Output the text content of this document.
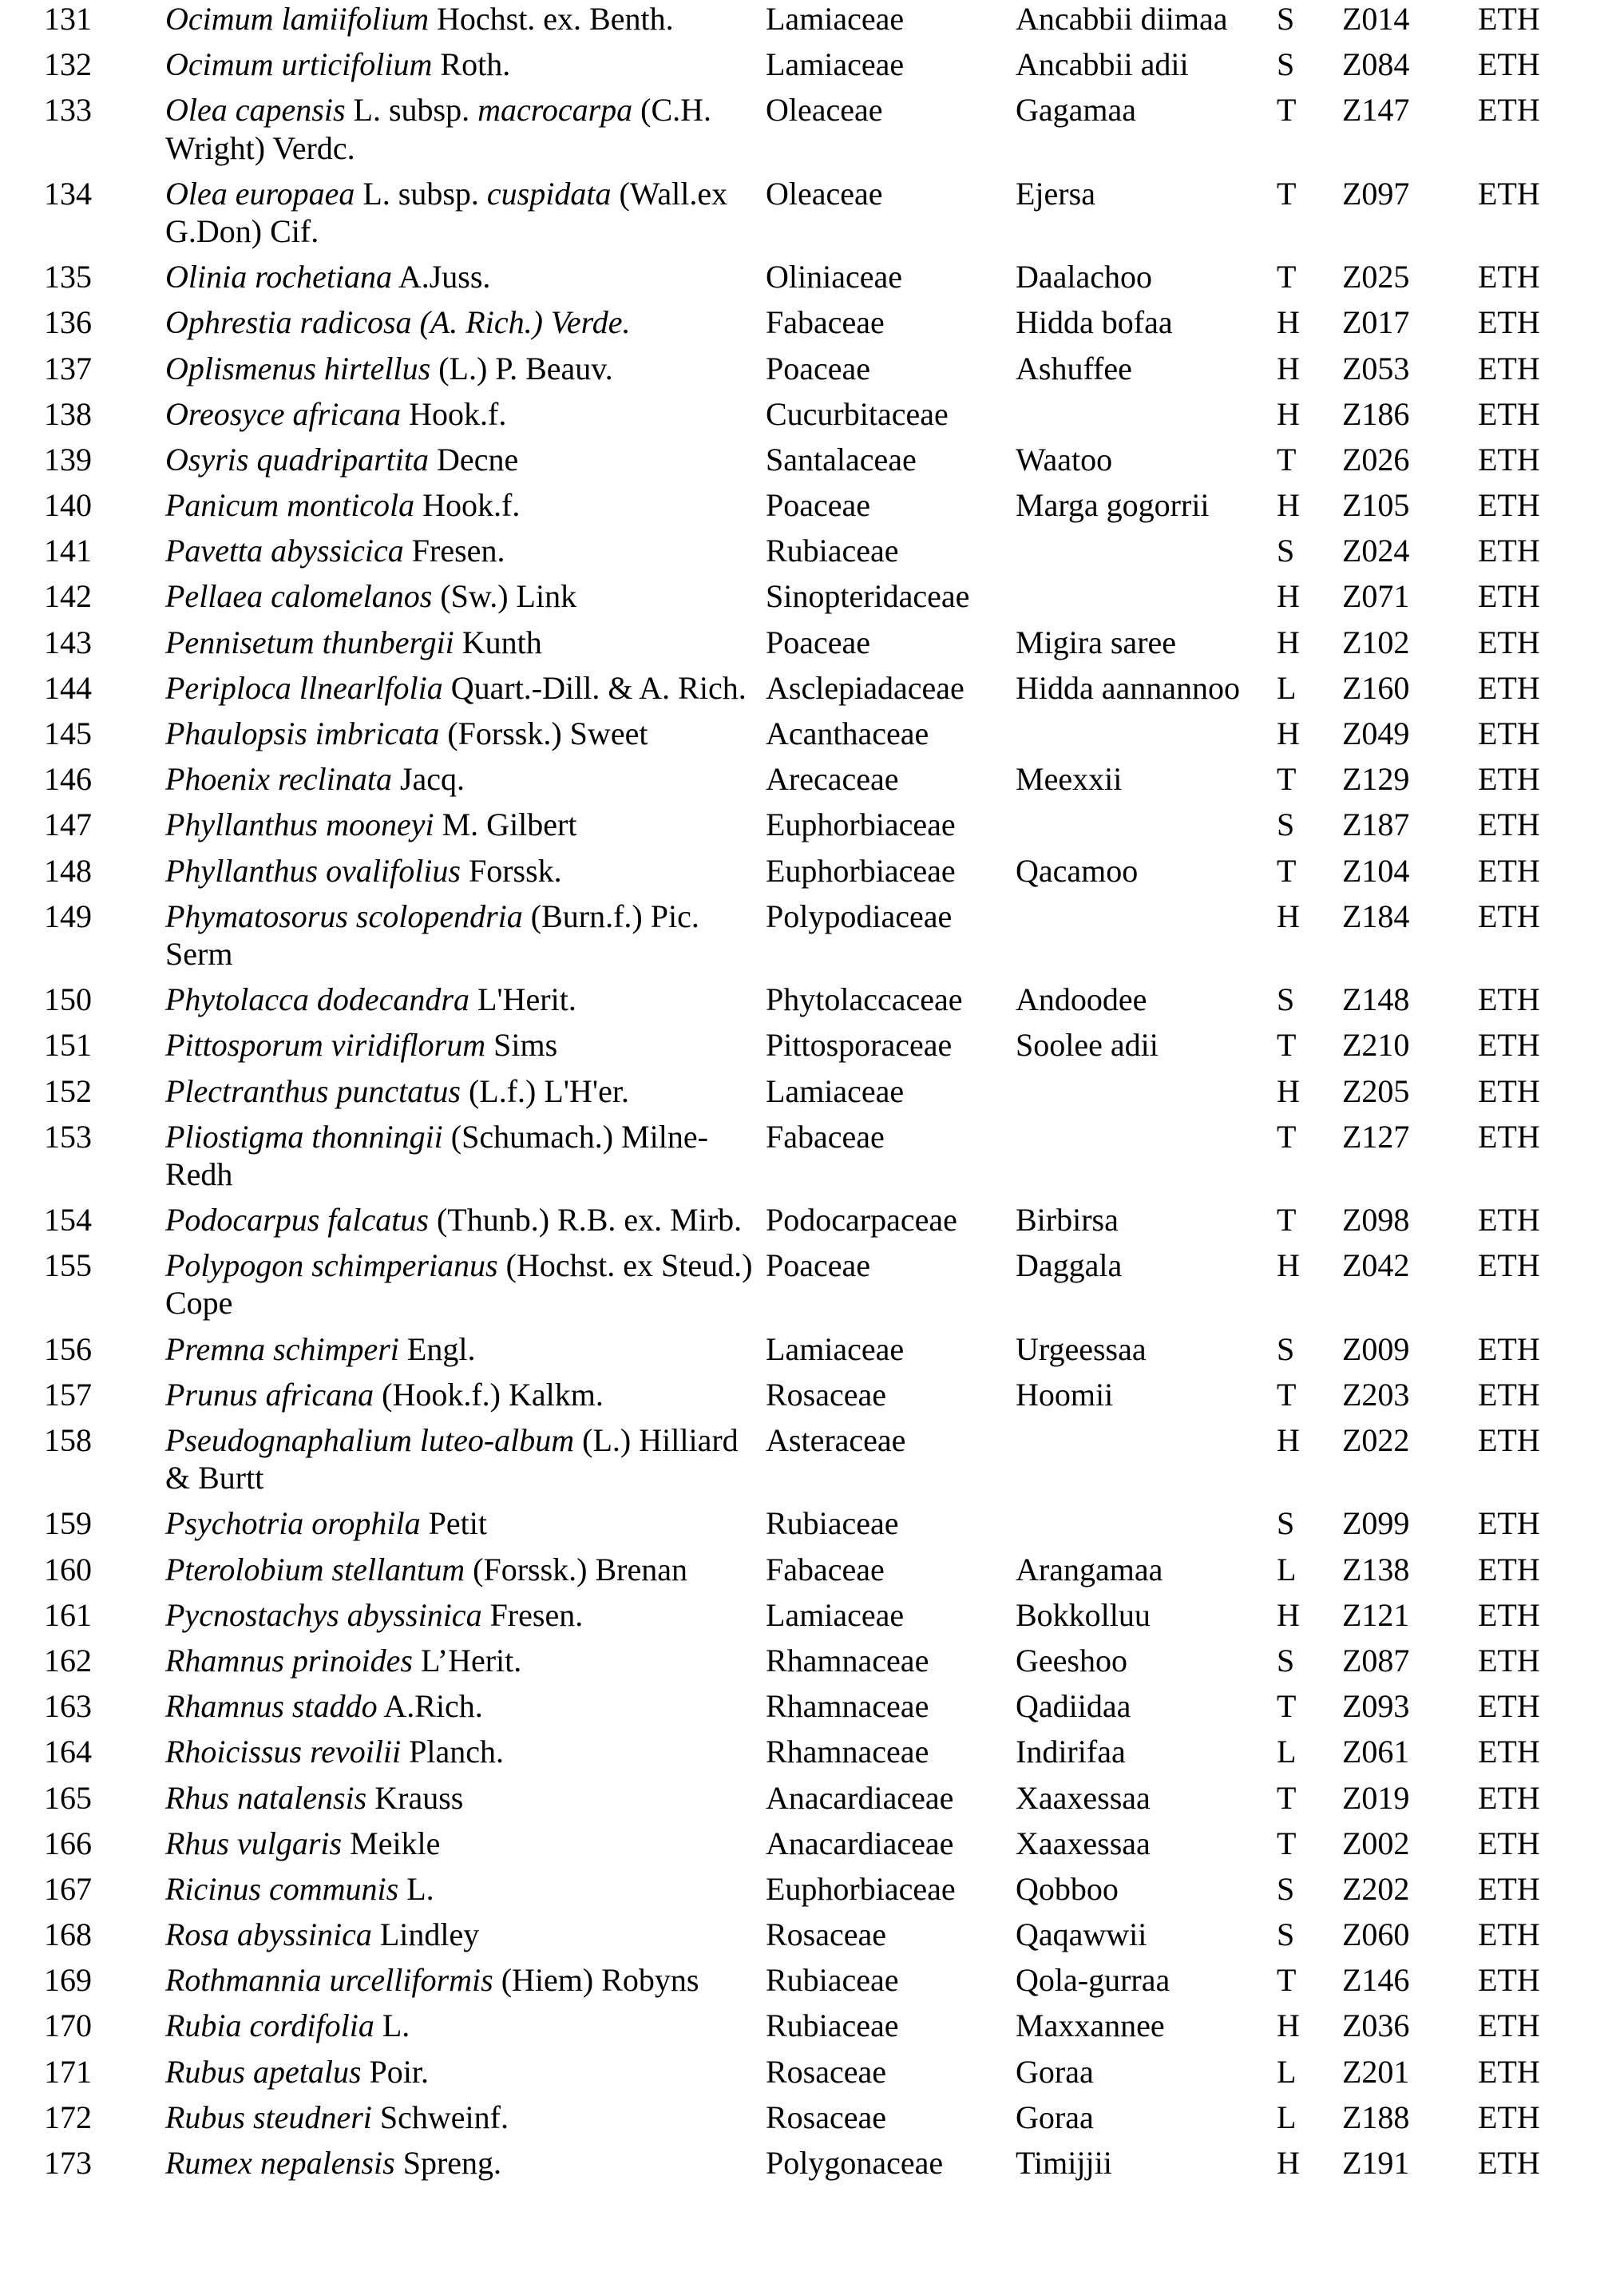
131		Ocimum lamiifolium Hochst. ex. Benth.	Lamiaceae	Ancabbii diimaa	S	Z014	ETH
132		Ocimum urticifolium Roth.	Lamiaceae	Ancabbii adii	S	Z084	ETH
133		Olea capensis L. subsp. macrocarpa (C.H. Wright) Verdc.	Oleaceae	Gagamaa	T	Z147	ETH
134		Olea europaea L. subsp. cuspidata (Wall.ex G.Don) Cif.	Oleaceae	Ejersa	T	Z097	ETH
135		Olinia rochetiana A.Juss.	Oliniaceae	Daalachoo	T	Z025	ETH
136		Ophrestia radicosa (A. Rich.) Verde.	Fabaceae	Hidda bofaa	H	Z017	ETH
137		Oplismenus hirtellus (L.) P. Beauv.	Poaceae	Ashuffee	H	Z053	ETH
138		Oreosyce africana Hook.f.	Cucurbitaceae		H	Z186	ETH
139		Osyris quadripartita Decne	Santalaceae	Waatoo	T	Z026	ETH
140		Panicum monticola Hook.f.	Poaceae	Marga gogorrii	H	Z105	ETH
141		Pavetta abyssicica Fresen.	Rubiaceae		S	Z024	ETH
142		Pellaea calomelanos (Sw.) Link	Sinopteridaceae		H	Z071	ETH
143		Pennisetum thunbergii Kunth	Poaceae	Migira saree	H	Z102	ETH
144		Periploca llnearlfolia Quart.-Dill. & A. Rich.	Asclepiadaceae	Hidda aannannoo	L	Z160	ETH
145		Phaulopsis imbricata (Forssk.) Sweet	Acanthaceae		H	Z049	ETH
146		Phoenix reclinata Jacq.	Arecaceae	Meexxii	T	Z129	ETH
147		Phyllanthus mooneyi M. Gilbert	Euphorbiaceae		S	Z187	ETH
148		Phyllanthus ovalifolius Forssk.	Euphorbiaceae	Qacamoo	T	Z104	ETH
149		Phymatosorus scolopendria (Burn.f.) Pic. Serm	Polypodiaceae		H	Z184	ETH
150		Phytolacca dodecandra L'Herit.	Phytolaccaceae	Andoodee	S	Z148	ETH
151		Pittosporum viridiflorum Sims	Pittosporaceae	Soolee adii	T	Z210	ETH
152		Plectranthus punctatus (L.f.) L'H'er.	Lamiaceae		H	Z205	ETH
153		Pliostigma thonningii (Schumach.) Milne-Redh	Fabaceae		T	Z127	ETH
154		Podocarpus falcatus (Thunb.) R.B. ex. Mirb.	Podocarpaceae	Birbirsa	T	Z098	ETH
155		Polypogon schimperianus (Hochst. ex Steud.) Cope	Poaceae	Daggala	H	Z042	ETH
156		Premna schimperi Engl.	Lamiaceae	Urgeessaa	S	Z009	ETH
157		Prunus africana (Hook.f.) Kalkm.	Rosaceae	Hoomii	T	Z203	ETH
158		Pseudognaphalium luteo-album (L.) Hilliard & Burtt	Asteraceae		H	Z022	ETH
159		Psychotria orophila Petit	Rubiaceae		S	Z099	ETH
160		Pterolobium stellantum (Forssk.) Brenan	Fabaceae	Arangamaa	L	Z138	ETH
161		Pycnostachys abyssinica Fresen.	Lamiaceae	Bokkolluu	H	Z121	ETH
162		Rhamnus prinoides L’Herit.	Rhamnaceae	Geeshoo	S	Z087	ETH
163		Rhamnus staddo A.Rich.	Rhamnaceae	Qadiidaa	T	Z093	ETH
164		Rhoicissus revoilii Planch.	Rhamnaceae	Indirifaa	L	Z061	ETH
165		Rhus natalensis Krauss	Anacardiaceae	Xaaxessaa	T	Z019	ETH
166		Rhus vulgaris Meikle	Anacardiaceae	Xaaxessaa	T	Z002	ETH
167		Ricinus communis L.	Euphorbiaceae	Qobboo	S	Z202	ETH
168		Rosa abyssinica Lindley	Rosaceae	Qaqawwii	S	Z060	ETH
169		Rothmannia urcelliformis (Hiem) Robyns	Rubiaceae	Qola-gurraa	T	Z146	ETH
170		Rubia cordifolia L.	Rubiaceae	Maxxannee	H	Z036	ETH
171		Rubus apetalus Poir.	Rosaceae	Goraa	L	Z201	ETH
172		Rubus steudneri Schweinf.	Rosaceae	Goraa	L	Z188	ETH
173		Rumex nepalensis Spreng.	Polygonaceae	Timijjii	H	Z191	ETH
